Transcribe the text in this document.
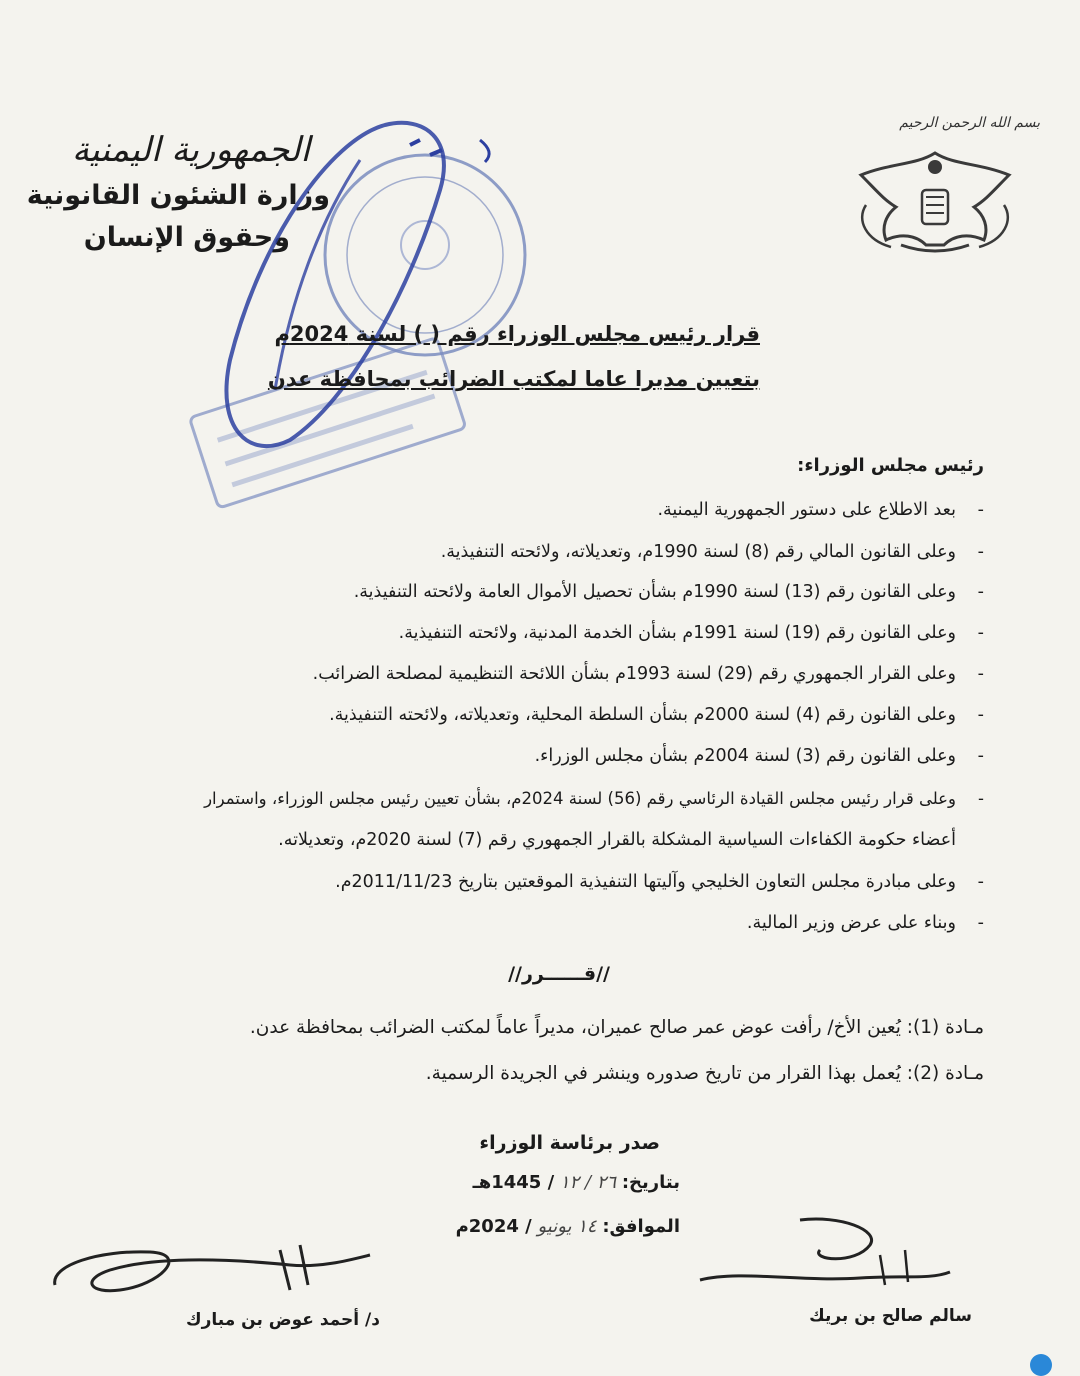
بسم الله الرحمن الرحيم
الجمهورية اليمنية
وزارة الشئون القانونية
وحقوق الإنسان
قرار رئيس مجلس الوزراء رقم ( ) لسنة 2024م
بتعيين مديرا عاما لمكتب الضرائب بمحافظة عدن
رئيس مجلس الوزراء:
-بعد الاطلاع على دستور الجمهورية اليمنية.
-وعلى القانون المالي رقم (8) لسنة 1990م، وتعديلاته، ولائحته التنفيذية.
-وعلى القانون رقم (13) لسنة 1990م بشأن تحصيل الأموال العامة ولائحته التنفيذية.
-وعلى القانون رقم (19) لسنة 1991م بشأن الخدمة المدنية، ولائحته التنفيذية.
-وعلى القرار الجمهوري رقم (29) لسنة 1993م بشأن اللائحة التنظيمية لمصلحة الضرائب.
-وعلى القانون رقم (4) لسنة 2000م بشأن السلطة المحلية، وتعديلاته، ولائحته التنفيذية.
-وعلى القانون رقم (3) لسنة 2004م بشأن مجلس الوزراء.
-وعلى قرار رئيس مجلس القيادة الرئاسي رقم (56) لسنة 2024م، بشأن تعيين رئيس مجلس الوزراء، واستمرار
أعضاء حكومة الكفاءات السياسية المشكلة بالقرار الجمهوري رقم (7) لسنة 2020م، وتعديلاته.
-وعلى مبادرة مجلس التعاون الخليجي وآليتها التنفيذية الموقعتين بتاريخ 2011/11/23م.
-وبناء على عرض وزير المالية.
//قــــــرر//
مـادة (1): يُعين الأخ/ رأفت عوض عمر صالح عميران، مديراً عاماً لمكتب الضرائب بمحافظة عدن.
مـادة (2): يُعمل بهذا القرار من تاريخ صدوره وينشر في الجريدة الرسمية.
صدر برئاسة الوزراء
بتاريخ: ٢٦ / ١٢ / 1445هـ
الموافق: ١٤ يونيو / 2024م
د/ أحمد عوض بن مبارك	سالم صالح بن بريك
